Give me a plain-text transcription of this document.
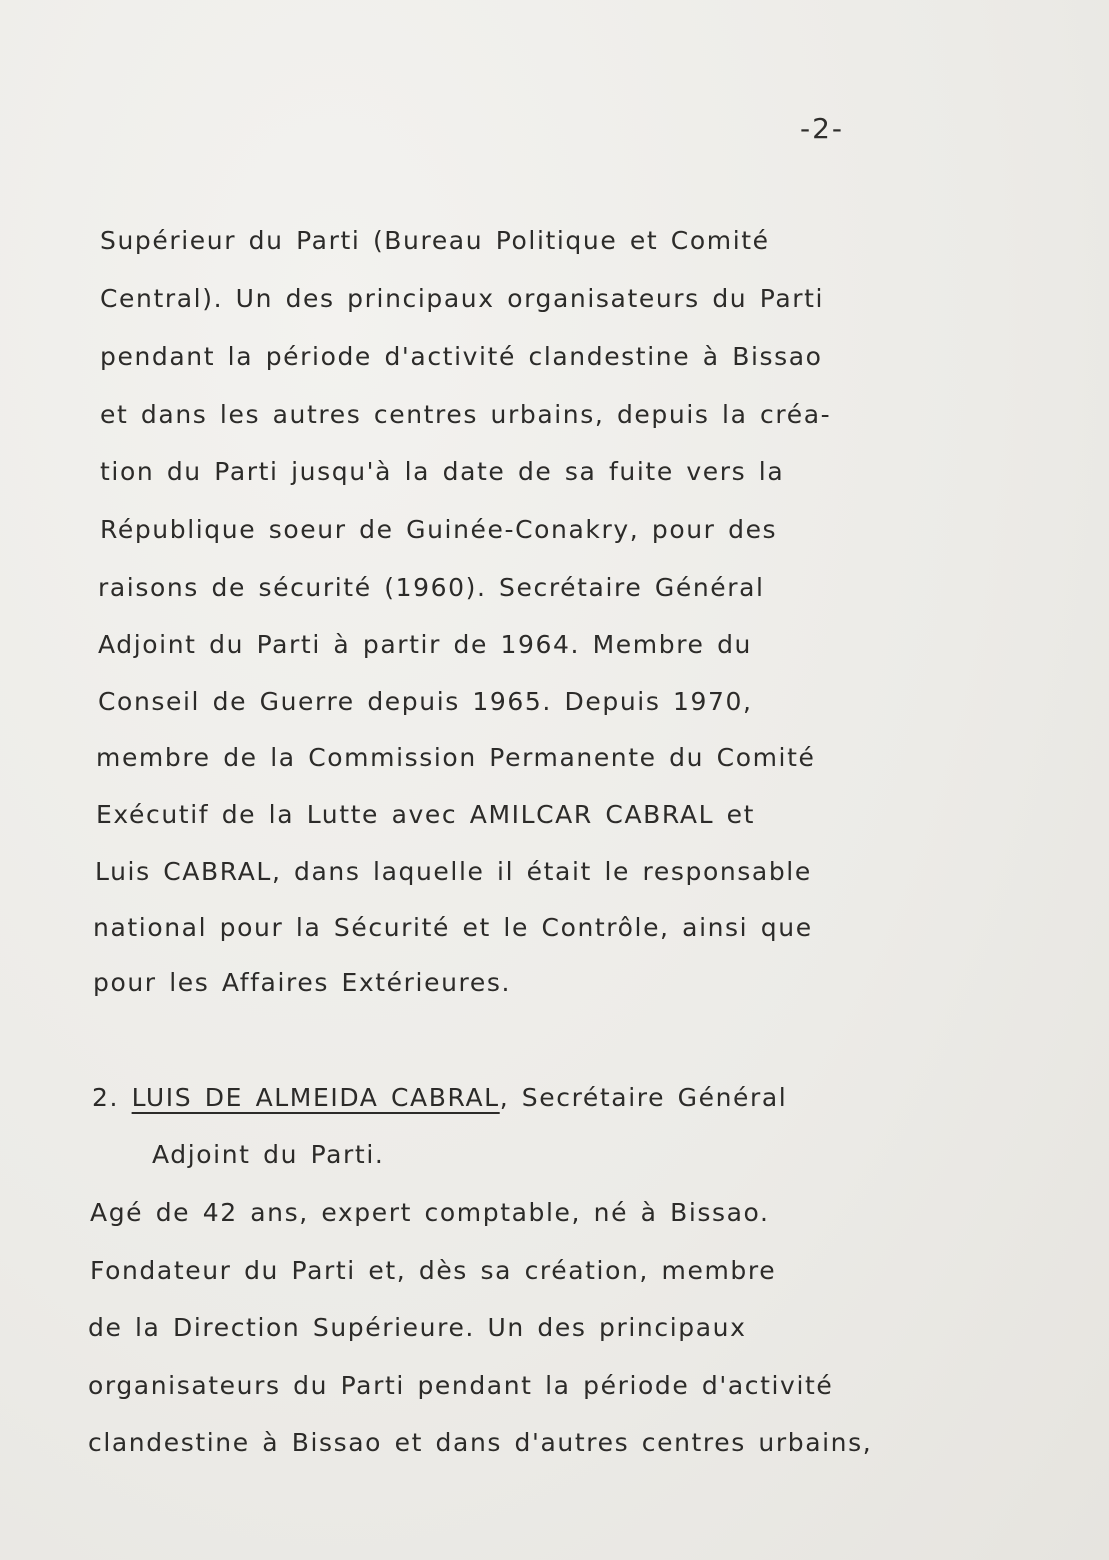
-2-
Supérieur du Parti (Bureau Politique et Comité
Central). Un des principaux organisateurs du Parti
pendant la période d'activité clandestine à Bissao
et dans les autres centres urbains, depuis la créa-
tion du Parti jusqu'à la date de sa fuite vers la
République soeur de Guinée-Conakry, pour des
raisons de sécurité (1960). Secrétaire Général
Adjoint du Parti à partir de 1964. Membre du
Conseil de Guerre depuis 1965. Depuis 1970,
membre de la Commission Permanente du Comité
Exécutif de la Lutte avec AMILCAR CABRAL et
Luis CABRAL, dans laquelle il était le responsable
national pour la Sécurité et le Contrôle, ainsi que
pour les Affaires Extérieures.
2. LUIS DE ALMEIDA CABRAL, Secrétaire Général
Adjoint du Parti.
Agé de 42 ans, expert comptable, né à Bissao.
Fondateur du Parti et, dès sa création, membre
de la Direction Supérieure. Un des principaux
organisateurs du Parti pendant la période d'activité
clandestine à Bissao et dans d'autres centres urbains,
